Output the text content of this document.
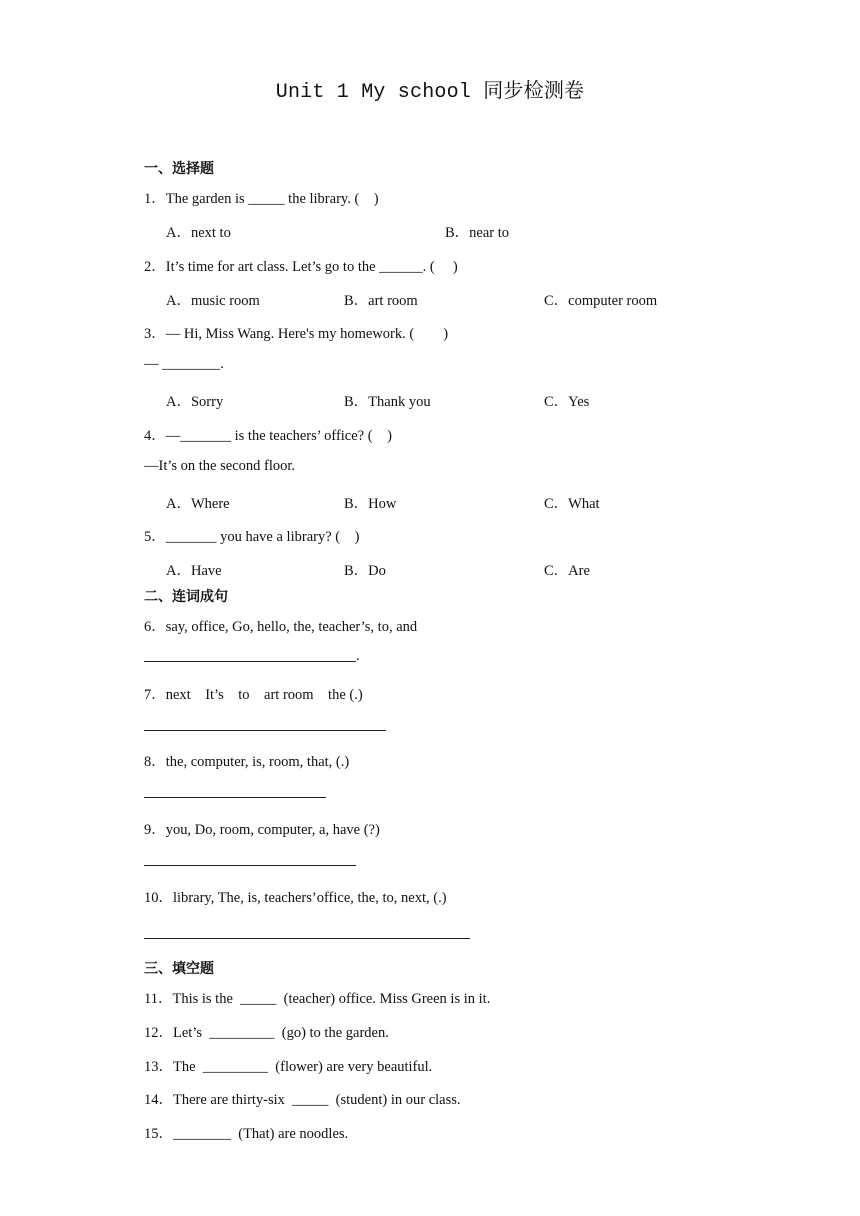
Unit 1 My school 同步检测卷
一、选择题
1．The garden is _____ the library. (    )
A．next to	B．near to
2．It’s time for art class. Let’s go to the ______. (     )
A．music room	B．art room	C．computer room
3．— Hi, Miss Wang. Here's my homework. (        )
— ________.
A．Sorry	B．Thank you	C．Yes
4．—_______ is the teachers’ office? (    )
—It’s on the second floor.
A．Where	B．How	C．What
5．_______ you have a library? (    )
A．Have	B．Do	C．Are
二、连词成句
6．say, office, Go, hello, the, teacher’s, to, and
.
7．next    It’s    to    art room    the (.)
8．the, computer, is, room, that, (.)
9．you, Do, room, computer, a, have (?)
10．library, The, is, teachers’office, the, to, next, (.)
三、填空题
11．This is the  _____  (teacher) office. Miss Green is in it.
12．Let’s  _________  (go) to the garden.
13．The  _________  (flower) are very beautiful.
14．There are thirty-six  _____  (student) in our class.
15．________  (That) are noodles.
